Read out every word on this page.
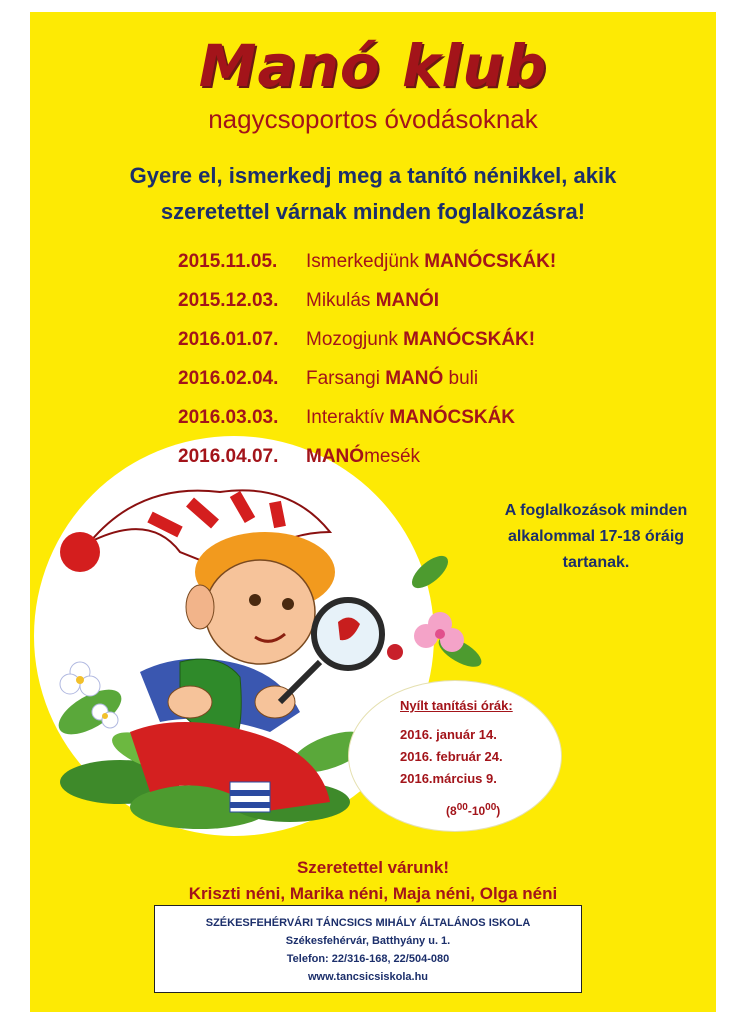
Manó klub
nagycsoportos óvodásoknak
Gyere el, ismerkedj meg a tanító nénikkel, akik
szeretettel várnak minden foglalkozásra!
2015.11.05.	Ismerkedjünk MANÓCSKÁK!
2015.12.03.	Mikulás MANÓI
2016.01.07.	Mozogjunk MANÓCSKÁK!
2016.02.04.	Farsangi MANÓ buli
2016.03.03.	Interaktív MANÓCSKÁK
2016.04.07.	MANÓmesék
A foglalkozások minden
alkalommal 17-18 óráig
tartanak.
Nyílt tanítási órák:
2016. január 14.
2016. február 24.
2016.március 9.
$(8^{00}-10^{00})$
Szeretettel várunk!
Kriszti néni, Marika néni, Maja néni, Olga néni
SZÉKESFEHÉRVÁRI TÁNCSICS MIHÁLY ÁLTALÁNOS ISKOLA
Székesfehérvár, Batthyány u. 1.
Telefon: 22/316-168, 22/504-080
www.tancsicsiskola.hu
